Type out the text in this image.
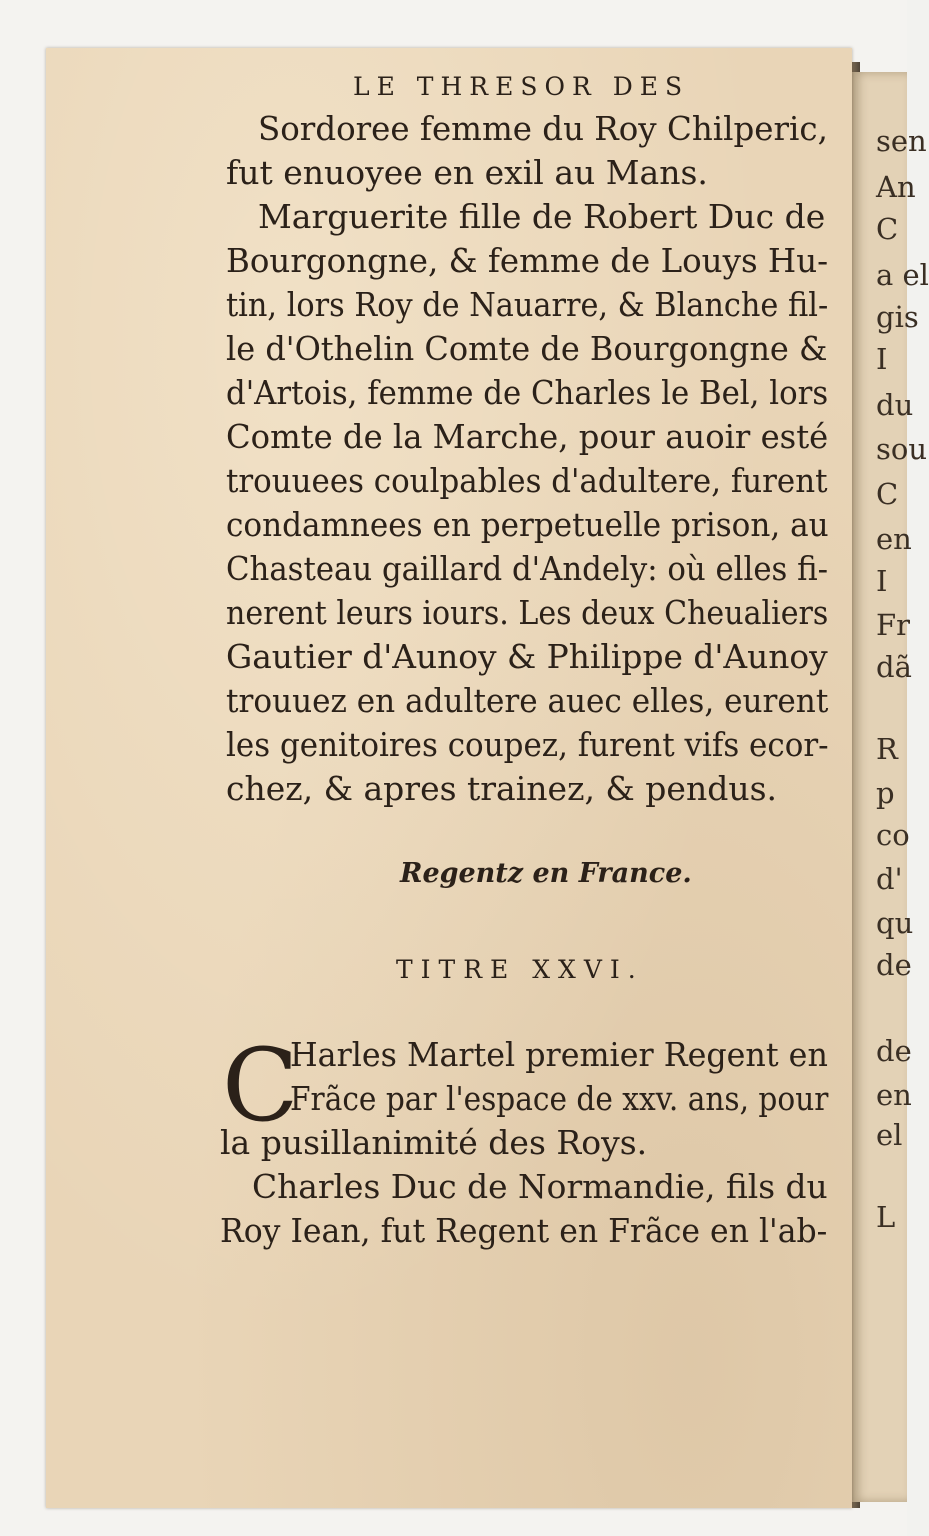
sen
An
C
a el
gis
I
du
sou
C
en
I
Fr
dã
R
p
co
d'
qu
de
de
en
el
L
LE THRESOR DES
Sordoree femme du Roy Chilperic,
fut enuoyee en exil au Mans.
Marguerite fille de Robert Duc de
Bourgongne, & femme de Louys Hu-
tin, lors Roy de Nauarre, & Blanche fil-
le d'Othelin Comte de Bourgongne &
d'Artois, femme de Charles le Bel, lors
Comte de la Marche, pour auoir esté
trouuees coulpables d'adultere, furent
condamnees en perpetuelle prison, au
Chasteau gaillard d'Andely: où elles fi-
nerent leurs iours. Les deux Cheualiers
Gautier d'Aunoy & Philippe d'Aunoy
trouuez en adultere auec elles, eurent
les genitoires coupez, furent vifs ecor-
chez, & apres trainez, & pendus.
Regentz en France.
TITRE XXVI.
C
Harles Martel premier Regent en
Frãce par l'espace de xxv. ans, pour
la pusillanimité des Roys.
Charles Duc de Normandie, fils du
Roy Iean, fut Regent en Frãce en l'ab-
